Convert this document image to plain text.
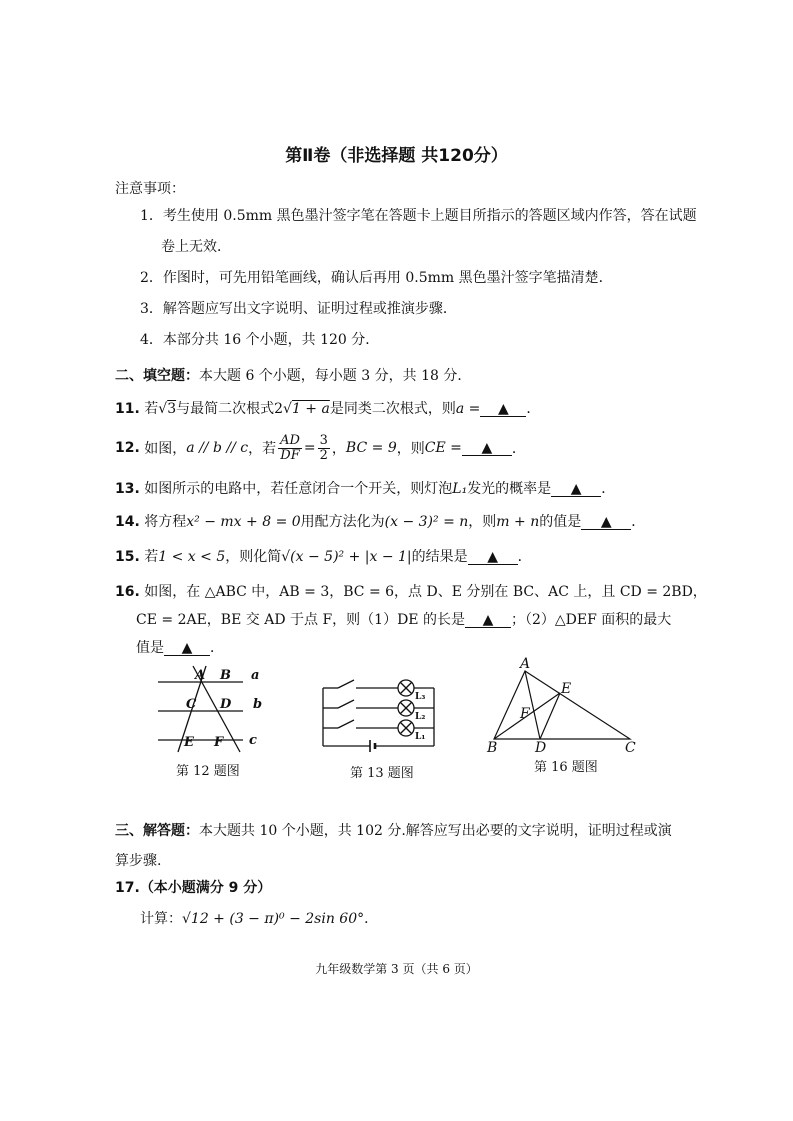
第Ⅱ卷（非选择题 共120分）
注意事项：
1．考生使用 0.5mm 黑色墨汁签字笔在答题卡上题目所指示的答题区域内作答，答在试题
卷上无效．
2．作图时，可先用铅笔画线，确认后再用 0.5mm 黑色墨汁签字笔描清楚．
3．解答题应写出文字说明、证明过程或推演步骤．
4．本部分共 16 个小题，共 120 分．
二、填空题：本大题 6 个小题，每小题 3 分，共 18 分．
11. 若√3与最简二次根式2√1 + a是同类二次根式，则a = ▲ ．
12.
如图， a // b // c ，若 $\frac{AD}{DF} = \frac{3}{2}$ ， BC = 9 ，则 CE =	▲	．
13. 如图所示的电路中，若任意闭合一个开关，则灯泡L₁发光的概率是 ▲ ．
14. 将方程x² − mx + 8 = 0用配方法化为(x − 3)² = n，则m + n的值是 ▲ ．
15. 若1 < x < 5，则化简√(x − 5)² + |x − 1|的结果是 ▲ ．
16. 如图，在 △ABC 中，AB = 3，BC = 6，点 D、E 分别在 BC、AC 上，且 CD = 2BD，
CE = 2AE，BE 交 AD 于点 F，则（1）DE 的长是 ▲ ；（2）△DEF 面积的最大
值是 ▲ ．
A B
C D
E F
a
b
c
第 12 题图
L₃
L₂
L₁
第 13 题图
A
E
F
B	D	C
第 16 题图
三、解答题：本大题共 10 个小题，共 102 分.解答应写出必要的文字说明，证明过程或演
算步骤.
17.（本小题满分 9 分）
计算：√12 + (3 − π)⁰ − 2sin 60°．
九年级数学第 3 页（共 6 页）
